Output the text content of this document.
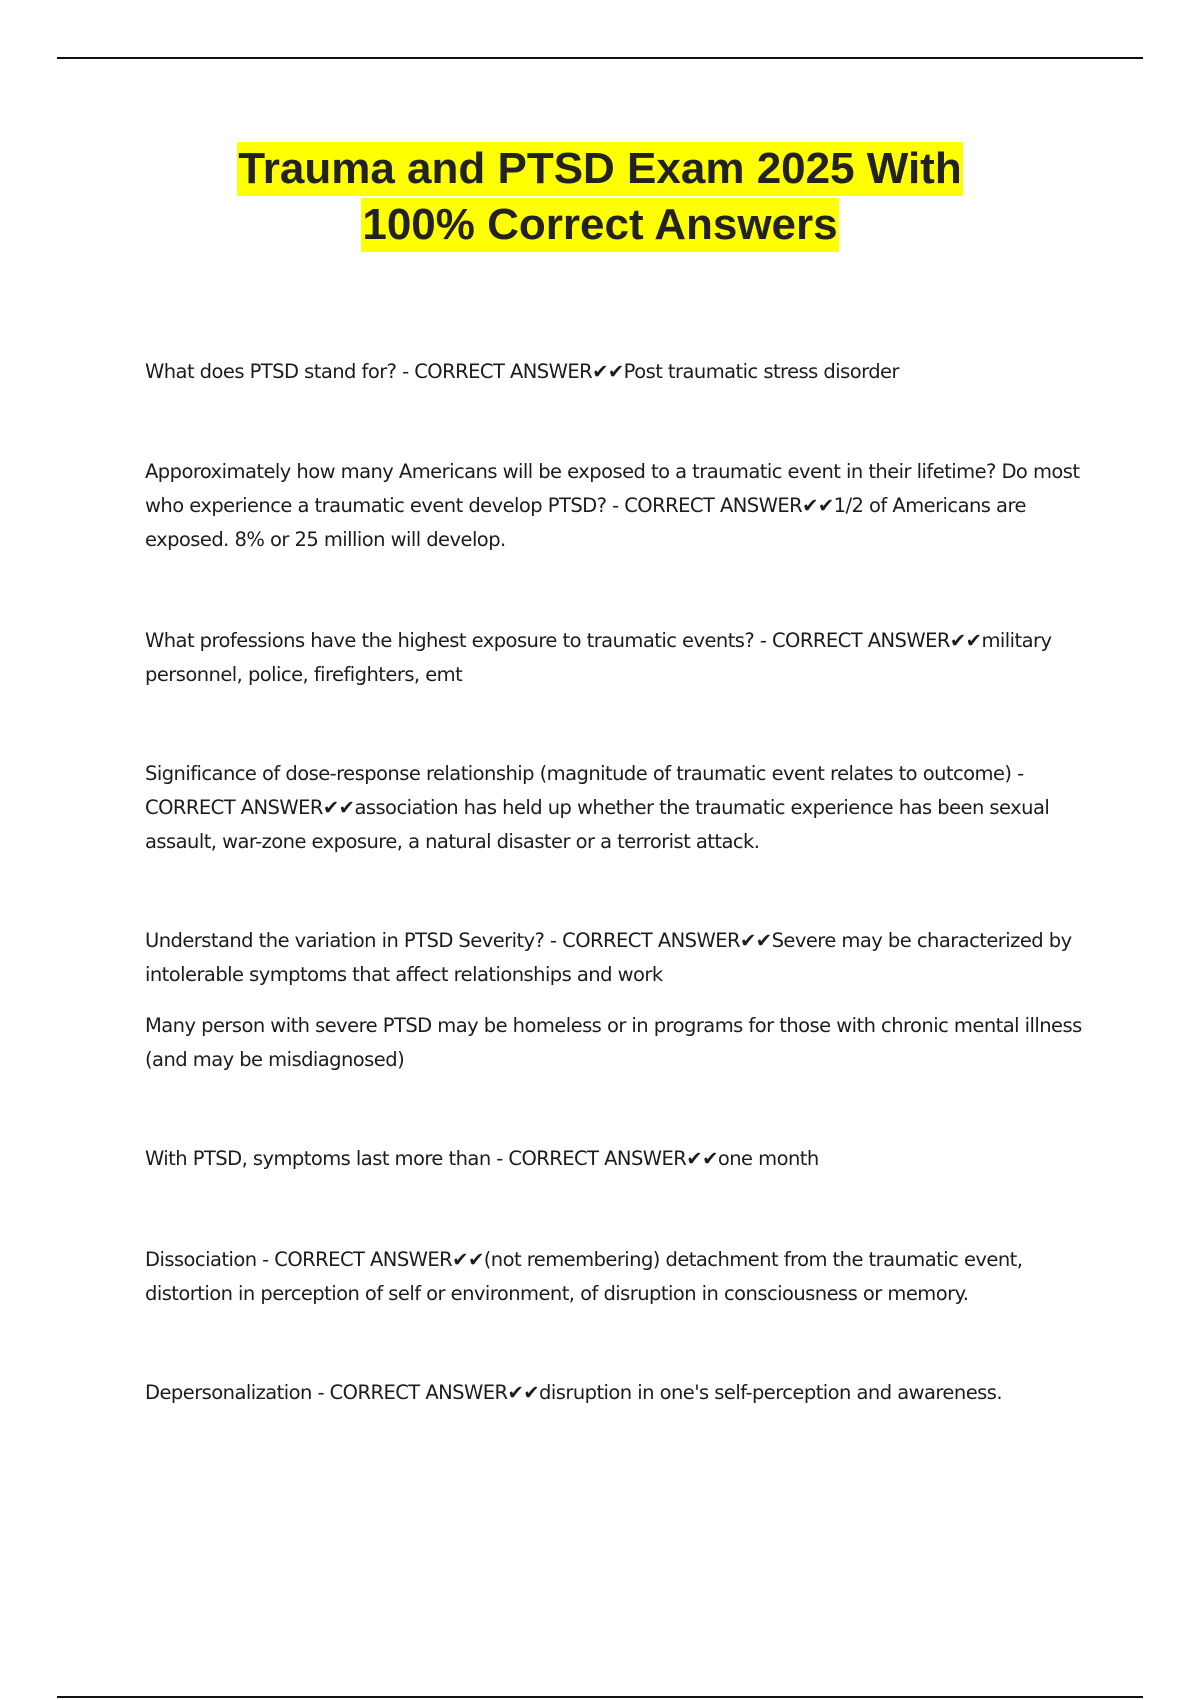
Trauma and PTSD Exam 2025 With
100% Correct Answers

What does PTSD stand for? - CORRECT ANSWER✔✔Post traumatic stress disorder

Apporoximately how many Americans will be exposed to a traumatic event in their lifetime? Do most who experience a traumatic event develop PTSD? - CORRECT ANSWER✔✔1/2 of Americans are exposed. 8% or 25 million will develop.

What professions have the highest exposure to traumatic events? - CORRECT ANSWER✔✔military personnel, police, firefighters, emt

Significance of dose-response relationship (magnitude of traumatic event relates to outcome) - CORRECT ANSWER✔✔association has held up whether the traumatic experience has been sexual assault, war-zone exposure, a natural disaster or a terrorist attack.

Understand the variation in PTSD Severity? - CORRECT ANSWER✔✔Severe may be characterized by intolerable symptoms that affect relationships and work

Many person with severe PTSD may be homeless or in programs for those with chronic mental illness (and may be misdiagnosed)

With PTSD, symptoms last more than - CORRECT ANSWER✔✔one month

Dissociation - CORRECT ANSWER✔✔(not remembering) detachment from the traumatic event, distortion in perception of self or environment, of disruption in consciousness or memory.

Depersonalization - CORRECT ANSWER✔✔disruption in one's self-perception and awareness.
